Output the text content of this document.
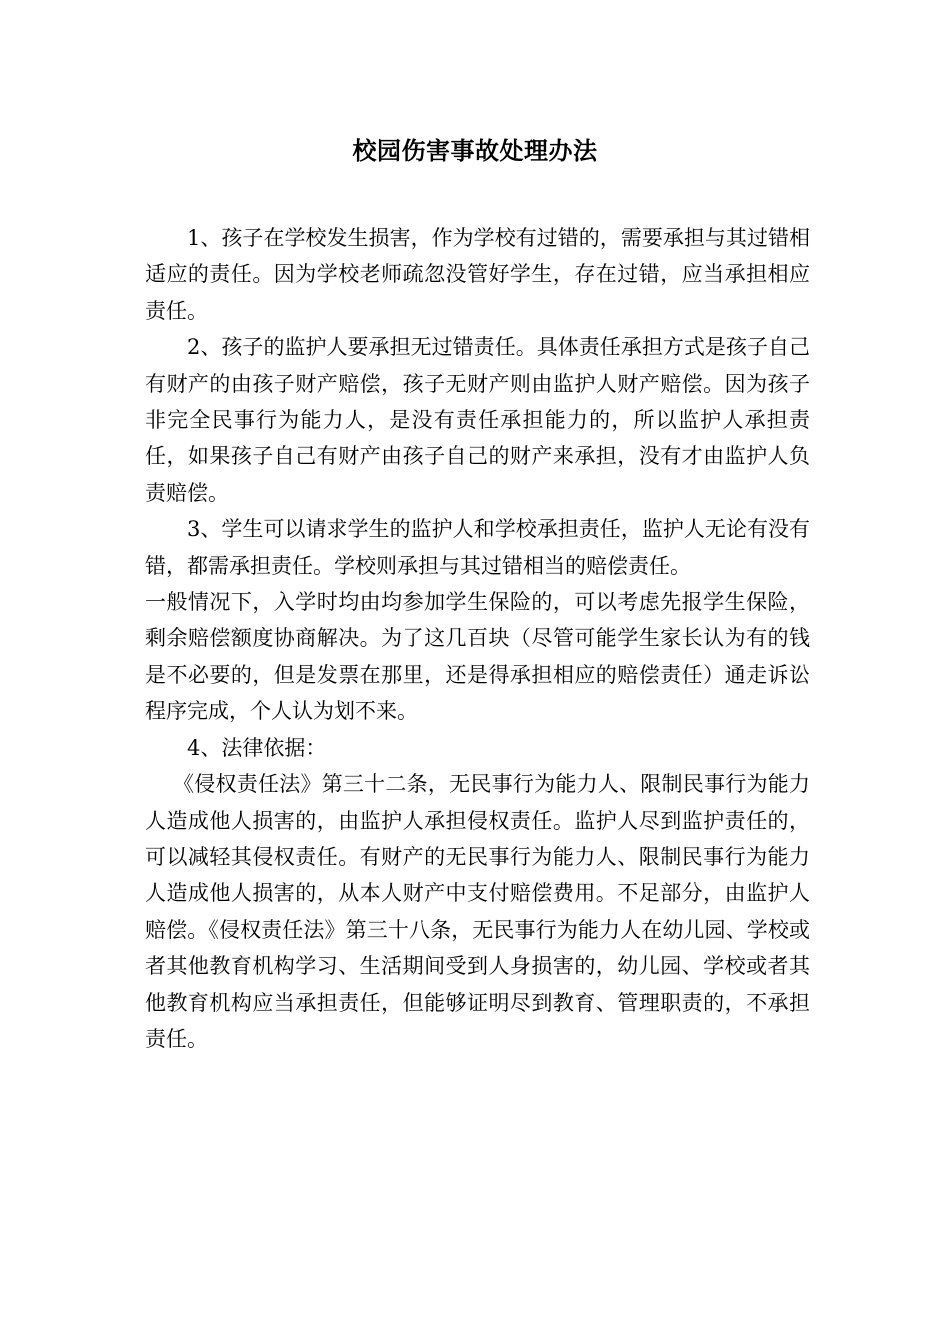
校园伤害事故处理办法

1、孩子在学校发生损害，作为学校有过错的，需要承担与其过错相适应的责任。因为学校老师疏忽没管好学生，存在过错，应当承担相应责任。

2、孩子的监护人要承担无过错责任。具体责任承担方式是孩子自己有财产的由孩子财产赔偿，孩子无财产则由监护人财产赔偿。因为孩子非完全民事行为能力人，是没有责任承担能力的，所以监护人承担责任，如果孩子自己有财产由孩子自己的财产来承担，没有才由监护人负责赔偿。

3、学生可以请求学生的监护人和学校承担责任，监护人无论有没有错，都需承担责任。学校则承担与其过错相当的赔偿责任。

一般情况下，入学时均由均参加学生保险的，可以考虑先报学生保险，剩余赔偿额度协商解决。为了这几百块（尽管可能学生家长认为有的钱是不必要的，但是发票在那里，还是得承担相应的赔偿责任）通走诉讼程序完成，个人认为划不来。

4、法律依据：

《侵权责任法》第三十二条，无民事行为能力人、限制民事行为能力人造成他人损害的，由监护人承担侵权责任。监护人尽到监护责任的，可以减轻其侵权责任。有财产的无民事行为能力人、限制民事行为能力人造成他人损害的，从本人财产中支付赔偿费用。不足部分，由监护人赔偿。《侵权责任法》第三十八条，无民事行为能力人在幼儿园、学校或者其他教育机构学习、生活期间受到人身损害的，幼儿园、学校或者其他教育机构应当承担责任，但能够证明尽到教育、管理职责的，不承担责任。
